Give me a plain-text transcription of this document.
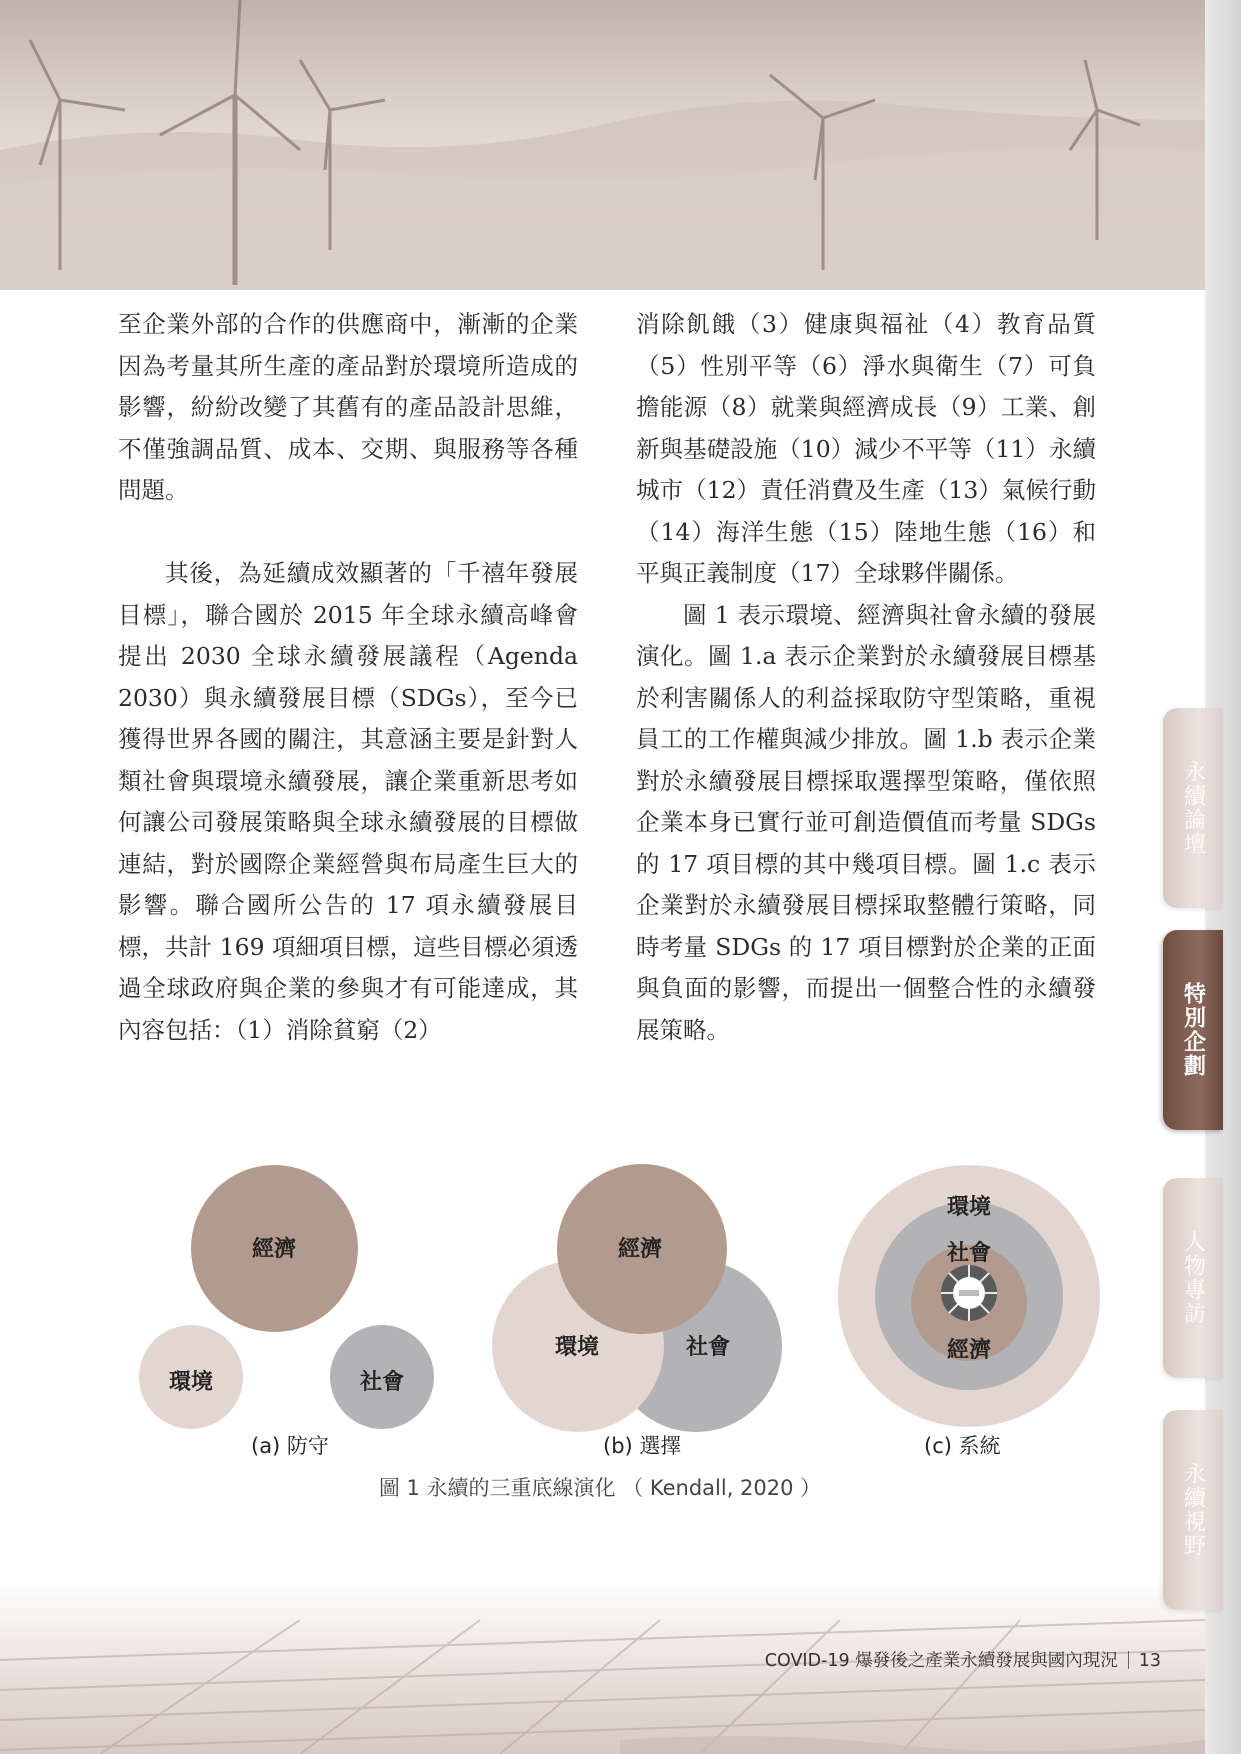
至企業外部的合作的供應商中，漸漸的企業因為考量其所生產的產品對於環境所造成的影響，紛紛改變了其舊有的產品設計思維，不僅強調品質、成本、交期、與服務等各種問題。

其後，為延續成效顯著的「千禧年發展目標」，聯合國於 2015 年全球永續高峰會提出 2030 全球永續發展議程（Agenda 2030）與永續發展目標（SDGs），至今已獲得世界各國的關注，其意涵主要是針對人類社會與環境永續發展，讓企業重新思考如何讓公司發展策略與全球永續發展的目標做連結，對於國際企業經營與布局產生巨大的影響。聯合國所公告的 17 項永續發展目標，共計 169 項細項目標，這些目標必須透過全球政府與企業的參與才有可能達成，其內容包括：（1）消除貧窮（2）

消除飢餓（3）健康與福祉（4）教育品質（5）性別平等（6）淨水與衛生（7）可負擔能源（8）就業與經濟成長（9）工業、創新與基礎設施（10）減少不平等（11）永續城市（12）責任消費及生產（13）氣候行動（14）海洋生態（15）陸地生態（16）和平與正義制度（17）全球夥伴關係。

圖 1 表示環境、經濟與社會永續的發展演化。圖 1.a 表示企業對於永續發展目標基於利害關係人的利益採取防守型策略，重視員工的工作權與減少排放。圖 1.b 表示企業對於永續發展目標採取選擇型策略，僅依照企業本身已實行並可創造價值而考量 SDGs 的 17 項目標的其中幾項目標。圖 1.c 表示企業對於永續發展目標採取整體行策略，同時考量 SDGs 的 17 項目標對於企業的正面與負面的影響，而提出一個整合性的永續發展策略。

經濟
環境	社會
(a) 防守
經濟
環境	社會
(b) 選擇
環境
社會
經濟
(c) 系統
圖 1 永續的三重底線演化 （ Kendall, 2020 ）
永續論壇
特別企劃
人物專訪
永續視野
COVID-19 爆發後之產業永續發展與國內現況 13
